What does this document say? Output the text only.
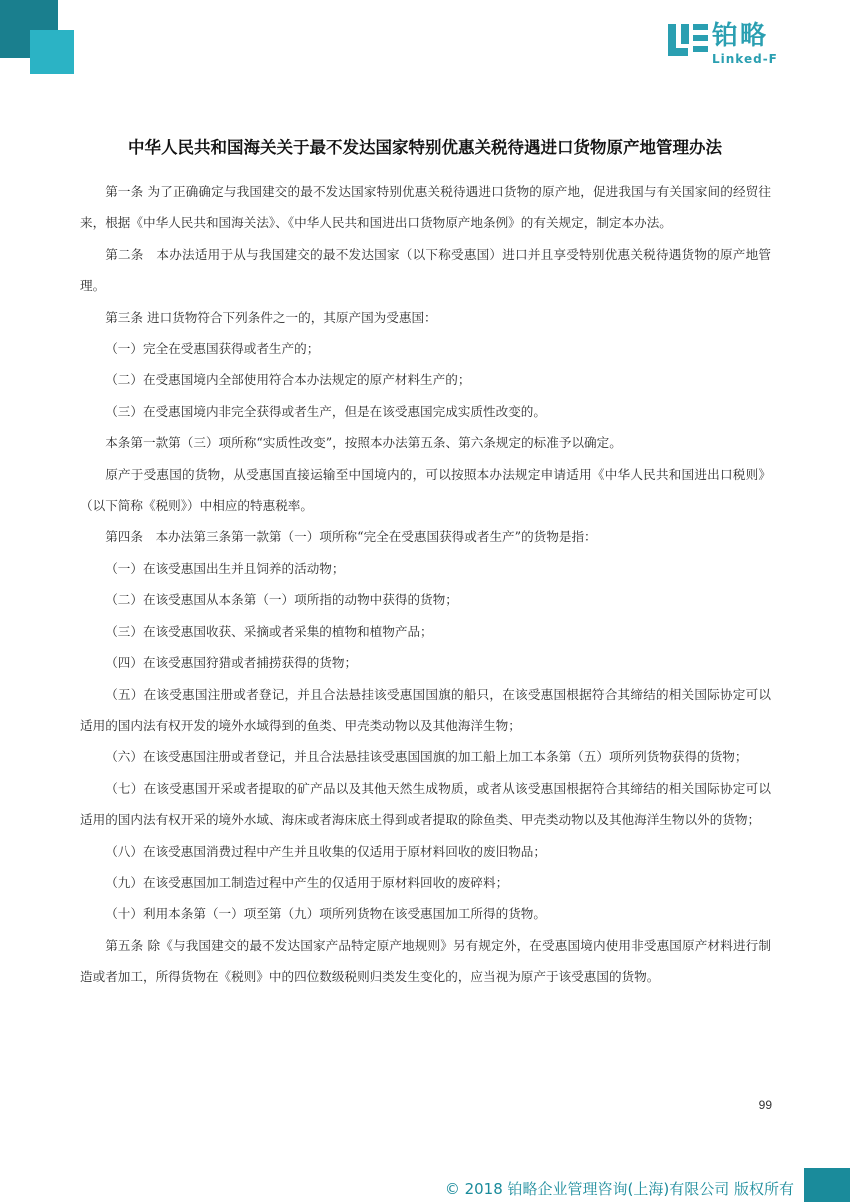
铂略
Linked-F
中华人民共和国海关关于最不发达国家特别优惠关税待遇进口货物原产地管理办法

第一条 为了正确确定与我国建交的最不发达国家特别优惠关税待遇进口货物的原产地，促进我国与有关国家间的经贸往来，根据《中华人民共和国海关法》、《中华人民共和国进出口货物原产地条例》的有关规定，制定本办法。

第二条　本办法适用于从与我国建交的最不发达国家（以下称受惠国）进口并且享受特别优惠关税待遇货物的原产地管理。

第三条 进口货物符合下列条件之一的，其原产国为受惠国：

（一）完全在受惠国获得或者生产的；

（二）在受惠国境内全部使用符合本办法规定的原产材料生产的；

（三）在受惠国境内非完全获得或者生产，但是在该受惠国完成实质性改变的。

本条第一款第（三）项所称“实质性改变”，按照本办法第五条、第六条规定的标准予以确定。

原产于受惠国的货物，从受惠国直接运输至中国境内的，可以按照本办法规定申请适用《中华人民共和国进出口税则》（以下简称《税则》）中相应的特惠税率。

第四条　本办法第三条第一款第（一）项所称“完全在受惠国获得或者生产”的货物是指：

（一）在该受惠国出生并且饲养的活动物；

（二）在该受惠国从本条第（一）项所指的动物中获得的货物；

（三）在该受惠国收获、采摘或者采集的植物和植物产品；

（四）在该受惠国狩猎或者捕捞获得的货物；

（五）在该受惠国注册或者登记，并且合法悬挂该受惠国国旗的船只，在该受惠国根据符合其缔结的相关国际协定可以适用的国内法有权开发的境外水域得到的鱼类、甲壳类动物以及其他海洋生物；

（六）在该受惠国注册或者登记，并且合法悬挂该受惠国国旗的加工船上加工本条第（五）项所列货物获得的货物；

（七）在该受惠国开采或者提取的矿产品以及其他天然生成物质，或者从该受惠国根据符合其缔结的相关国际协定可以适用的国内法有权开采的境外水域、海床或者海床底土得到或者提取的除鱼类、甲壳类动物以及其他海洋生物以外的货物；

（八）在该受惠国消费过程中产生并且收集的仅适用于原材料回收的废旧物品；

（九）在该受惠国加工制造过程中产生的仅适用于原材料回收的废碎料；

（十）利用本条第（一）项至第（九）项所列货物在该受惠国加工所得的货物。

第五条 除《与我国建交的最不发达国家产品特定原产地规则》另有规定外，在受惠国境内使用非受惠国原产材料进行制造或者加工，所得货物在《税则》中的四位数级税则归类发生变化的，应当视为原产于该受惠国的货物。

99
© 2018 铂略企业管理咨询(上海)有限公司 版权所有
